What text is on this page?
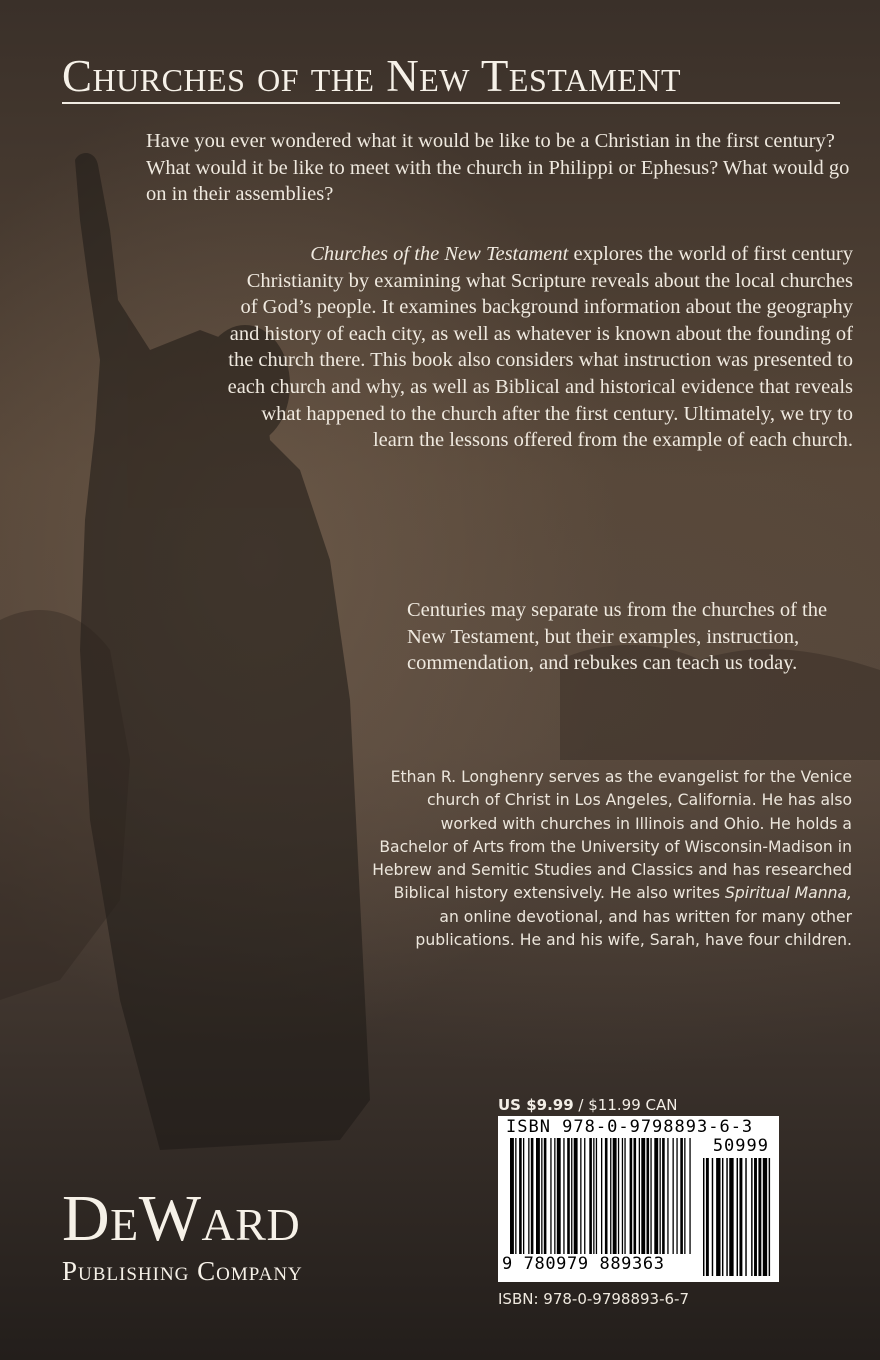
Churches of the New Testament

Have you ever wondered what it would be like to be a Christian in the first century? What would it be like to meet with the church in Philippi or Ephesus? What would go on in their assemblies?

Churches of the New Testament explores the world of first century Christianity by examining what Scripture reveals about the local churches of God’s people. It examines background information about the geography and history of each city, as well as whatever is known about the founding of the church there. This book also considers what instruction was presented to each church and why, as well as Biblical and historical evidence that reveals what happened to the church after the first century. Ultimately, we try to learn the lessons offered from the example of each church.

Centuries may separate us from the churches of the New Testament, but their examples, instruction, commendation, and rebukes can teach us today.

Ethan R. Longhenry serves as the evangelist for the Venice church of Christ in Los Angeles, California. He has also worked with churches in Illinois and Ohio. He holds a Bachelor of Arts from the University of Wisconsin-Madison in Hebrew and Semitic Studies and Classics and has researched Biblical history extensively. He also writes Spiritual Manna, an online devotional, and has written for many other publications. He and his wife, Sarah, have four children.

US $9.99 / $11.99 CAN
ISBN 978-0-9798893-6-3
50999
9 780979 889363
ISBN: 978-0-9798893-6-7
DeWard
Publishing Company
